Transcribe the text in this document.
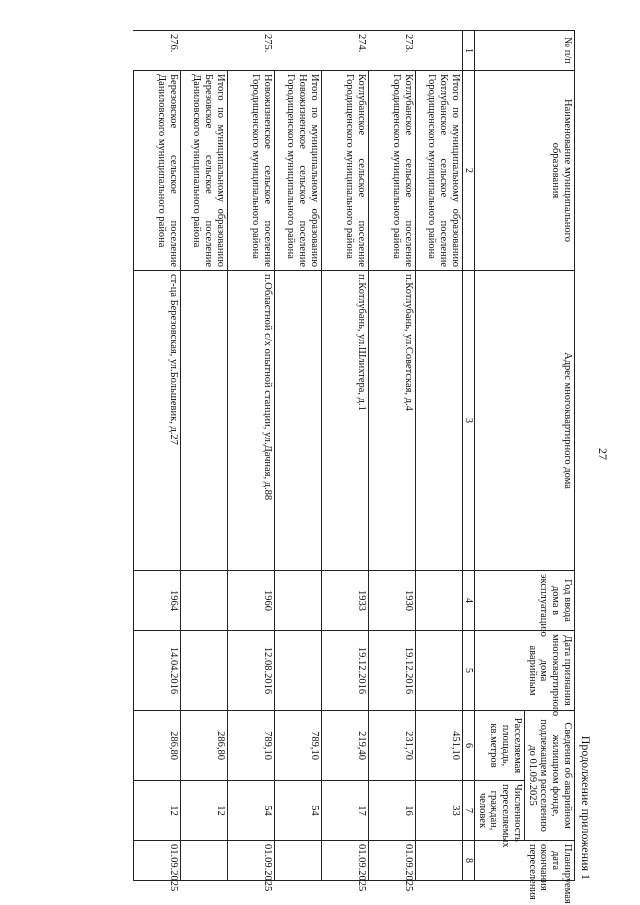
27
Продолжение приложения 1
№ п/п	Наименование муниципального образования	Адрес многоквартирного дома	Год ввода дома в эксплуатацию	Дата признания многоквартирного дома аварийным	Сведения об аварийном жилищном фонде, подлежащем расселению до 01.09.2025		Планируемая дата окончания переселения
					Расселяемая площадь, кв.метров	Численность переселяемых граждан, человек	
1	2	3	4	5	6	7	8
	Итого по муниципальному образованию Котлубанское сельское поселение Городищенского муниципального района				451,10	33	
273.	Котлубанское сельское поселение Городищенского муниципального района	п.Котлубань, ул.Советская, д.4	1930	19.12.2016	231,70	16	01.09.2025
274.	Котлубанское сельское поселение Городищенского муниципального района	п.Котлубань, ул.Шлихтера, д.1	1933	19.12.2016	219,40	17	01.09.2025
	Итого по муниципальному образованию Новожизненское сельское поселение Городищенского муниципального района				789,10	54	
275.	Новожизненское сельское поселение Городищенского муниципального района	п.Областной с/х опытной станции, ул.Дачная, д.88	1960	12.08.2016	789,10	54	01.09.2025
	Итого по муниципальному образованию Березовское сельское поселение Даниловского муниципального района				286,80	12	
276.	Березовское сельское поселение Даниловского муниципального района	ст-ца Березовская, ул.Большевик, д.27	1964	14.04.2016	286,80	12	01.09.2025
